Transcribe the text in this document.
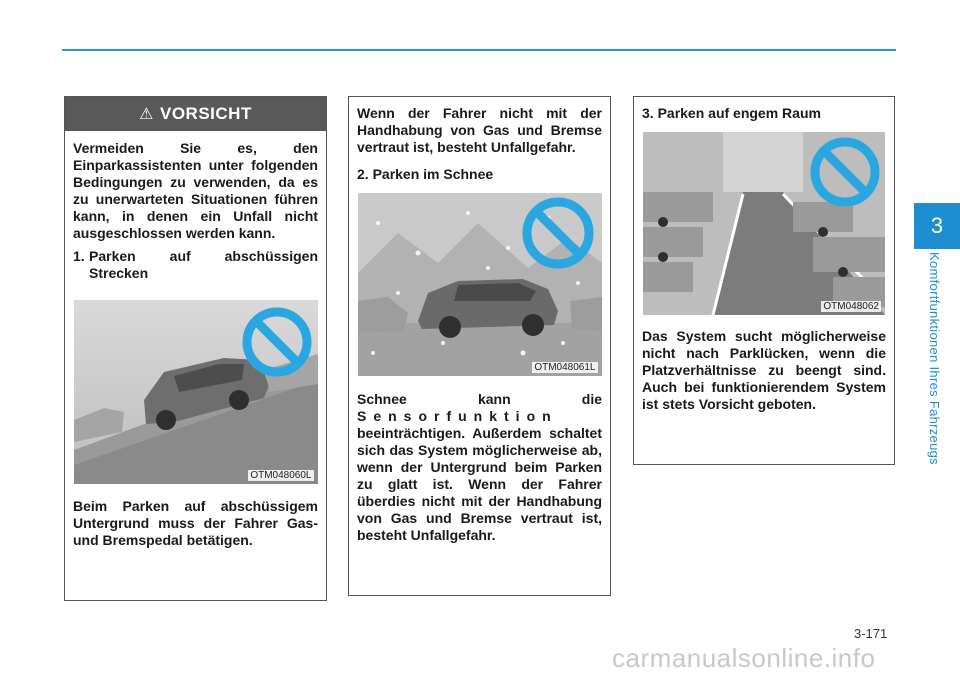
3
Komfortfunktionen Ihres Fahrzeugs
⚠ VORSICHT

Vermeiden Sie es, den Einparkassistenten unter folgenden Bedingungen zu verwenden, da es zu unerwarteten Situationen führen kann, in denen ein Unfall nicht ausgeschlossen werden kann.

1. Parken auf abschüssigen Strecken
OTM048060L

Beim Parken auf abschüssigem Untergrund muss der Fahrer Gas- und Bremspedal betätigen.

Wenn der Fahrer nicht mit der Handhabung von Gas und Bremse vertraut ist, besteht Unfallgefahr.

2. Parken im Schnee

OTM048061L
Schnee kann die
Sensorfunktion

beeinträchtigen. Außerdem schaltet sich das System möglicherweise ab, wenn der Untergrund beim Parken zu glatt ist. Wenn der Fahrer überdies nicht mit der Handhabung von Gas und Bremse vertraut ist, besteht Unfallgefahr.

3. Parken auf engem Raum

OTM048062

Das System sucht möglicherweise nicht nach Parklücken, wenn die Platzverhältnisse zu beengt sind. Auch bei funktionierendem System ist stets Vorsicht geboten.

3-171
carmanualsonline.info
